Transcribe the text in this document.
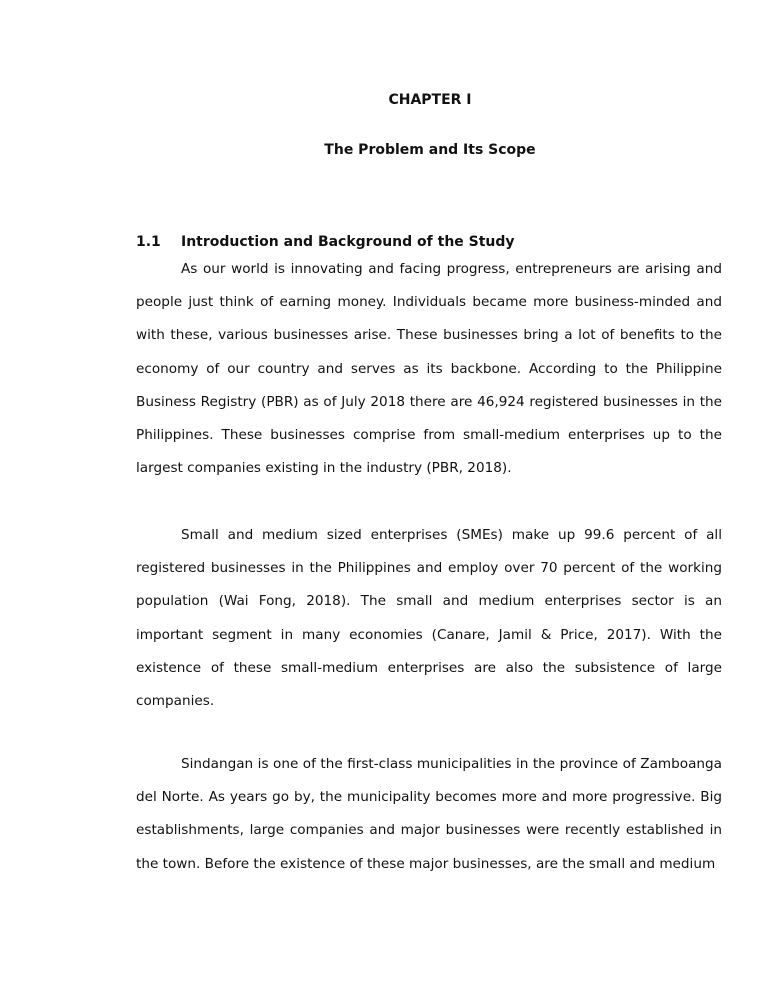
CHAPTER I
The Problem and Its Scope
1.1 Introduction and Background of the Study

As our world is innovating and facing progress, entrepreneurs are arising and people just think of earning money. Individuals became more business-minded and with these, various businesses arise. These businesses bring a lot of benefits to the economy of our country and serves as its backbone. According to the Philippine Business Registry (PBR) as of July 2018 there are 46,924 registered businesses in the Philippines. These businesses comprise from small-medium enterprises up to the largest companies existing in the industry (PBR, 2018).

Small and medium sized enterprises (SMEs) make up 99.6 percent of all registered businesses in the Philippines and employ over 70 percent of the working population (Wai Fong, 2018). The small and medium enterprises sector is an important segment in many economies (Canare, Jamil & Price, 2017). With the existence of these small-medium enterprises are also the subsistence of large companies.

Sindangan is one of the first-class municipalities in the province of Zamboanga del Norte. As years go by, the municipality becomes more and more progressive. Big establishments, large companies and major businesses were recently established in the town. Before the existence of these major businesses, are the small and medium
